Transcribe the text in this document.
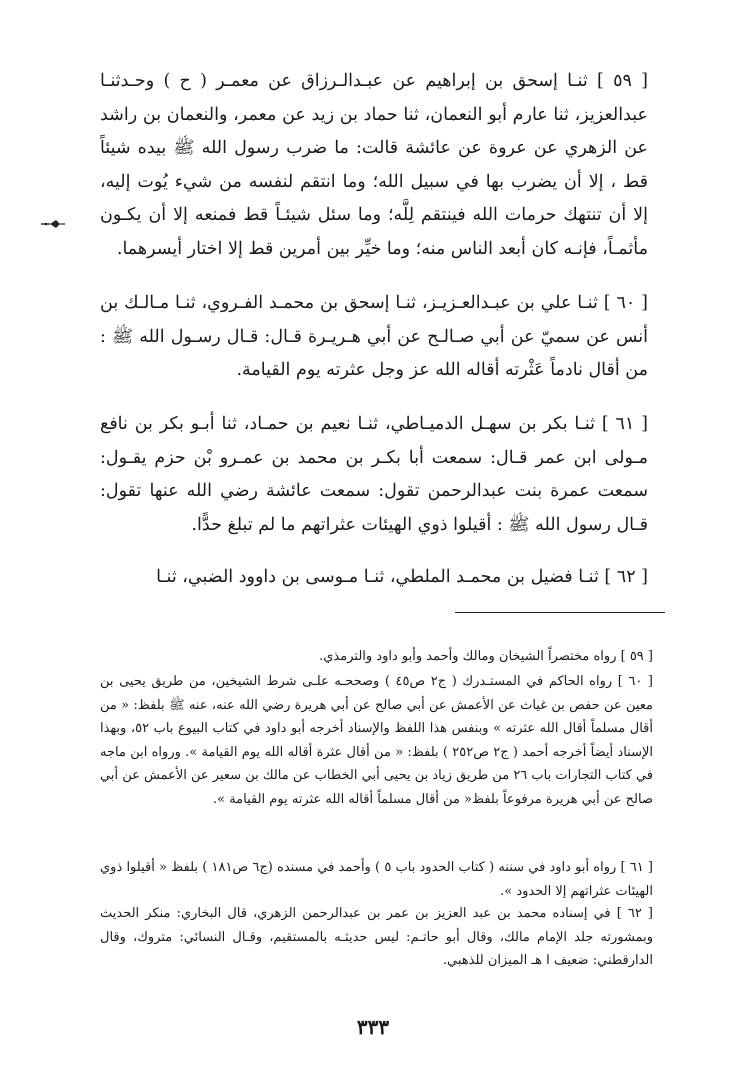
[ ٥٩ ] ثنـا إسحق بن إبراهيم عن عبـدالـرزاق عن معمـر ( ح ) وحـدثنـا عبدالعزيز، ثنا عارم أبو النعمان، ثنا حماد بن زيد عن معمر، والنعمان بن راشد عن الزهري عن عروة عن عائشة قالت: ما ضرب رسول الله ﷺ بيده شيئاً قط ، إلا أن يضرب بها في سبيل الله؛ وما انتقم لنفسه من شيء يُوت إليه، إلا أن تنتهك حرمات الله فينتقم لِلَّه؛ وما سئل شيئـاً قط فمنعه إلا أن يكـون مأثمـاً، فإنـه كان أبعد الناس منه؛ وما خيِّر بين أمرين قط إلا اختار أيسرهما.

[ ٦٠ ] ثنـا علي بن عبـدالعـزيـز، ثنـا إسحق بن محمـد الفـروي، ثنـا مـالـك بن أنس عن سميّ عن أبي صـالـح عن أبي هـريـرة قـال: قـال رسـول الله ﷺ : من أقال نادماً عَثْرته أقاله الله عز وجل عثرته يوم القيامة.

[ ٦١ ] ثنـا بكر بن سهـل الدميـاطي، ثنـا نعيم بن حمـاد، ثنا أبـو بكر بن نافع مـولى ابن عمر قـال: سمعت أبا بكـر بن محمد بن عمـرو بْن حزم يقـول: سمعت عمرة بنت عبدالرحمن تقول: سمعت عائشة رضي الله عنها تقول: قـال رسول الله ﷺ : أقيلوا ذوي الهيئات عثراتهم ما لم تبلغ حدًّا.

[ ٦٢ ] ثنـا فضيل بن محمـد الملطي، ثنـا مـوسى بن داوود الضبي، ثنـا

[ ٥٩ ] رواه مختصراً الشيخان ومالك وأحمد وأبو داود والترمذي.
[ ٦٠ ] رواه الحاكم في المستـدرك ( ج٢ ص٤٥ ) وصححـه علـى شرط الشيخين، من طريق يحيى بن معين عن حفص بن غياث عن الأعمش عن أبي صالح عن أبي هريرة رضي الله عنه، عنه ﷺ بلفظ: « من أقال مسلماً أقال الله عثرته » وبنفس هذا اللفظ والإسناد أخرجه أبو داود في كتاب البيوع باب ٥٢، وبهذا الإسناد أيضاً أخرجه أحمد ( ج٢ ص٢٥٢ ) بلفظ: « من أقال عثرة أقاله الله يوم القيامة ». ورواه ابن ماجه في كتاب التجارات باب ٢٦ من طريق زياد بن يحيى أبي الخطاب عن مالك بن سعير عن الأعمش عن أبي صالح عن أبي هريرة مرفوعاً بلفظ« من أقال مسلماً أقاله الله عثرته يوم القيامة ».
[ ٦١ ] رواه أبو داود في سننه ( كتاب الحدود باب ٥ ) وأحمد في مسنده (ج٦ ص١٨١ ) بلفظ « أقيلوا ذوي الهيئات عثراتهم إلا الحدود ».
[ ٦٢ ] في إسناده محمد بن عبد العزيز بن عمر بن عبدالرحمن الزهري، قال البخاري: منكر الحديث وبمشورته جلد الإمام مالك، وقال أبو حاتـم: ليس حديثـه بالمستقيم، وقـال النسائي: متروك، وقال الدارقطني: ضعيف ا هـ الميزان للذهبي.
٣٣٣
